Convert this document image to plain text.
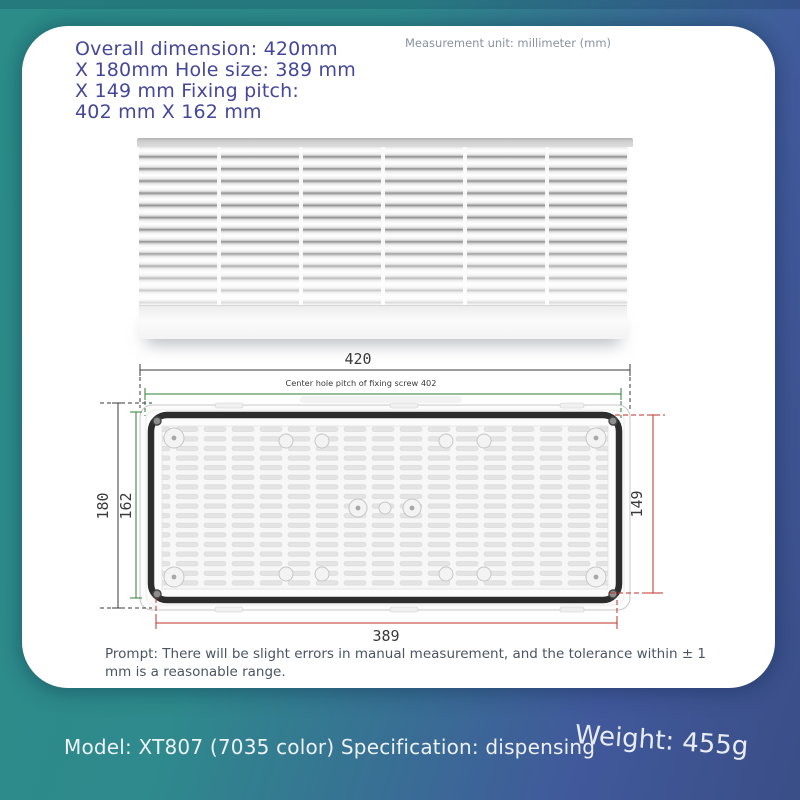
Overall dimension: 420mm
X 180mm Hole size: 389 mm
X 149 mm Fixing pitch:
402 mm X 162 mm
Measurement unit: millimeter (mm)
420
Center hole pitch of fixing screw 402
180 162	149
389
Prompt: There will be slight errors in manual measurement, and the tolerance within ± 1 mm is a reasonable range.
Model: XT807 (7035 color) Specification: dispensing
Weight: 455g
